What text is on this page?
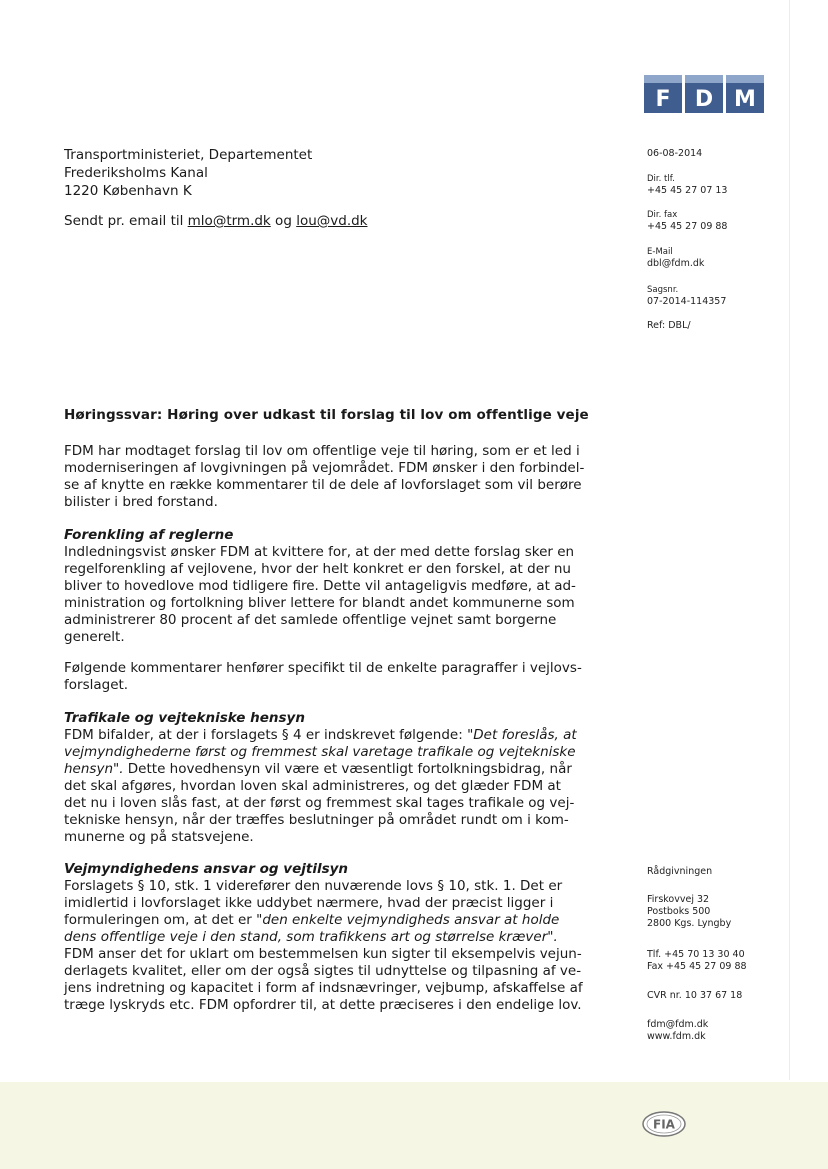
F	D M
Transportministeriet, Departementet
Frederiksholms Kanal
1220 København K
Sendt pr. email til mlo@trm.dk og lou@vd.dk
06-08-2014
Dir. tlf.
+45 45 27 07 13
Dir. fax
+45 45 27 09 88
E-Mail
dbl@fdm.dk
Sagsnr.
07-2014-114357
Ref: DBL/
Høringssvar: Høring over udkast til forslag til lov om offentlige veje
FDM har modtaget forslag til lov om offentlige veje til høring, som er et led i
moderniseringen af lovgivningen på vejområdet. FDM ønsker i den forbindel-
se af knytte en række kommentarer til de dele af lovforslaget som vil berøre
bilister i bred forstand.
Forenkling af reglerne
Indledningsvist ønsker FDM at kvittere for, at der med dette forslag sker en
regelforenkling af vejlovene, hvor der helt konkret er den forskel, at der nu
bliver to hovedlove mod tidligere fire. Dette vil antageligvis medføre, at ad-
ministration og fortolkning bliver lettere for blandt andet kommunerne som
administrerer 80 procent af det samlede offentlige vejnet samt borgerne
generelt.
Følgende kommentarer henfører specifikt til de enkelte paragraffer i vejlovs-
forslaget.
Trafikale og vejtekniske hensyn
FDM bifalder, at der i forslagets § 4 er indskrevet følgende: "Det foreslås, at
vejmyndighederne først og fremmest skal varetage trafikale og vejtekniske
hensyn". Dette hovedhensyn vil være et væsentligt fortolkningsbidrag, når
det skal afgøres, hvordan loven skal administreres, og det glæder FDM at
det nu i loven slås fast, at der først og fremmest skal tages trafikale og vej-
tekniske hensyn, når der træffes beslutninger på området rundt om i kom-
munerne og på statsvejene.
Vejmyndighedens ansvar og vejtilsyn
Forslagets § 10, stk. 1 viderefører den nuværende lovs § 10, stk. 1. Det er
imidlertid i lovforslaget ikke uddybet nærmere, hvad der præcist ligger i
formuleringen om, at det er "den enkelte vejmyndigheds ansvar at holde
dens offentlige veje i den stand, som trafikkens art og størrelse kræver".
FDM anser det for uklart om bestemmelsen kun sigter til eksempelvis vejun-
derlagets kvalitet, eller om der også sigtes til udnyttelse og tilpasning af ve-
jens indretning og kapacitet i form af indsnævringer, vejbump, afskaffelse af
træge lyskryds etc. FDM opfordrer til, at dette præciseres i den endelige lov.
Rådgivningen
Firskovvej 32
Postboks 500
2800 Kgs. Lyngby
Tlf. +45 70 13 30 40
Fax +45 45 27 09 88
CVR nr. 10 37 67 18
fdm@fdm.dk
www.fdm.dk
FIA
